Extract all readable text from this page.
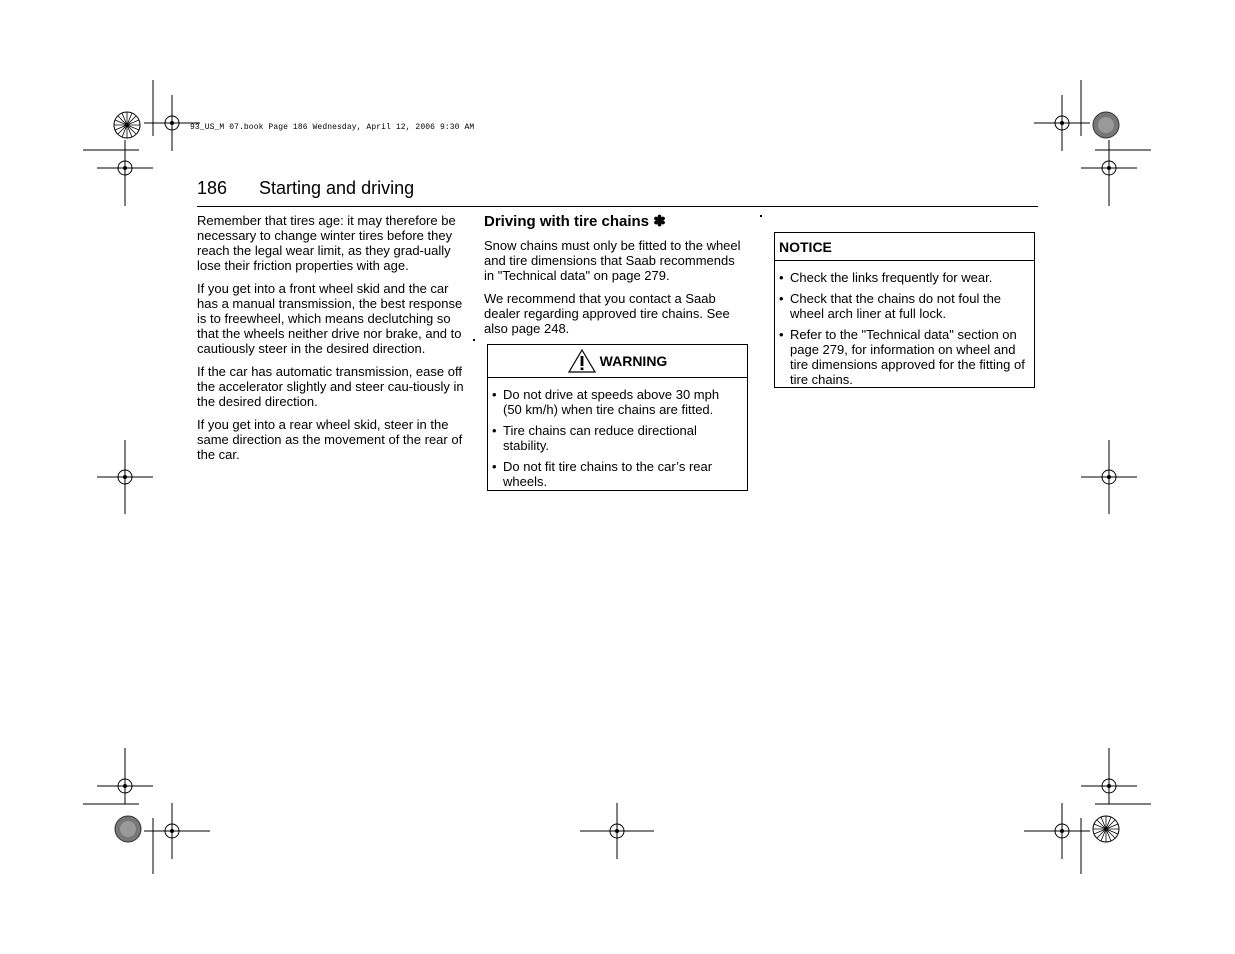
93_US_M 07.book Page 186 Wednesday, April 12, 2006 9:30 AM
186 Starting and driving

Remember that tires age: it may therefore be necessary to change winter tires before they reach the legal wear limit, as they grad-ually lose their friction properties with age.

If you get into a front wheel skid and the car has a manual transmission, the best response is to freewheel, which means declutching so that the wheels neither drive nor brake, and to cautiously steer in the desired direction.

If the car has automatic transmission, ease off the accelerator slightly and steer cau-tiously in the desired direction.

If you get into a rear wheel skid, steer in the same direction as the movement of the rear of the car.

Driving with tire chains ✽

Snow chains must only be fitted to the wheel and tire dimensions that Saab recommends in "Technical data" on page 279.

We recommend that you contact a Saab dealer regarding approved tire chains. See also page 248.

WARNING
• Do not drive at speeds above 30 mph (50 km/h) when tire chains are fitted.
• Tire chains can reduce directional stability.
• Do not fit tire chains to the car’s rear wheels.
NOTICE
• Check the links frequently for wear.
• Check that the chains do not foul the wheel arch liner at full lock.
• Refer to the "Technical data" section on page 279, for information on wheel and tire dimensions approved for the fitting of tire chains.
